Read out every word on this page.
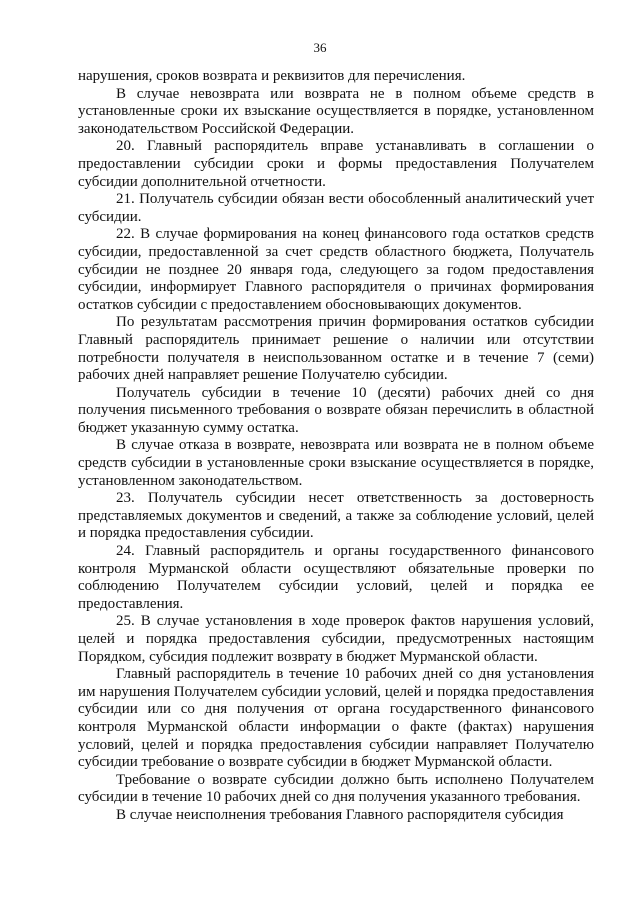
36

нарушения, сроков возврата и реквизитов для перечисления.

В случае невозврата или возврата не в полном объеме средств в установленные сроки их взыскание осуществляется в порядке, установленном законодательством Российской Федерации.

20. Главный распорядитель вправе устанавливать в соглашении о предоставлении субсидии сроки и формы предоставления Получателем субсидии дополнительной отчетности.

21. Получатель субсидии обязан вести обособленный аналитический учет субсидии.

22. В случае формирования на конец финансового года остатков средств субсидии, предоставленной за счет средств областного бюджета, Получатель субсидии не позднее 20 января года, следующего за годом предоставления субсидии, информирует Главного распорядителя о причинах формирования остатков субсидии с предоставлением обосновывающих документов.

По результатам рассмотрения причин формирования остатков субсидии Главный распорядитель принимает решение о наличии или отсутствии потребности получателя в неиспользованном остатке и в течение 7 (семи) рабочих дней направляет решение Получателю субсидии.

Получатель субсидии в течение 10 (десяти) рабочих дней со дня получения письменного требования о возврате обязан перечислить в областной бюджет указанную сумму остатка.

В случае отказа в возврате, невозврата или возврата не в полном объеме средств субсидии в установленные сроки взыскание осуществляется в порядке, установленном законодательством.

23. Получатель субсидии несет ответственность за достоверность представляемых документов и сведений, а также за соблюдение условий, целей и порядка предоставления субсидии.

24. Главный распорядитель и органы государственного финансового контроля Мурманской области осуществляют обязательные проверки по соблюдению Получателем субсидии условий, целей и порядка ее предоставления.

25. В случае установления в ходе проверок фактов нарушения условий, целей и порядка предоставления субсидии, предусмотренных настоящим Порядком, субсидия подлежит возврату в бюджет Мурманской области.

Главный распорядитель в течение 10 рабочих дней со дня установления им нарушения Получателем субсидии условий, целей и порядка предоставления субсидии или со дня получения от органа государственного финансового контроля Мурманской области информации о факте (фактах) нарушения условий, целей и порядка предоставления субсидии направляет Получателю субсидии требование о возврате субсидии в бюджет Мурманской области.

Требование о возврате субсидии должно быть исполнено Получателем субсидии в течение 10 рабочих дней со дня получения указанного требования.

В случае неисполнения требования Главного распорядителя субсидия
